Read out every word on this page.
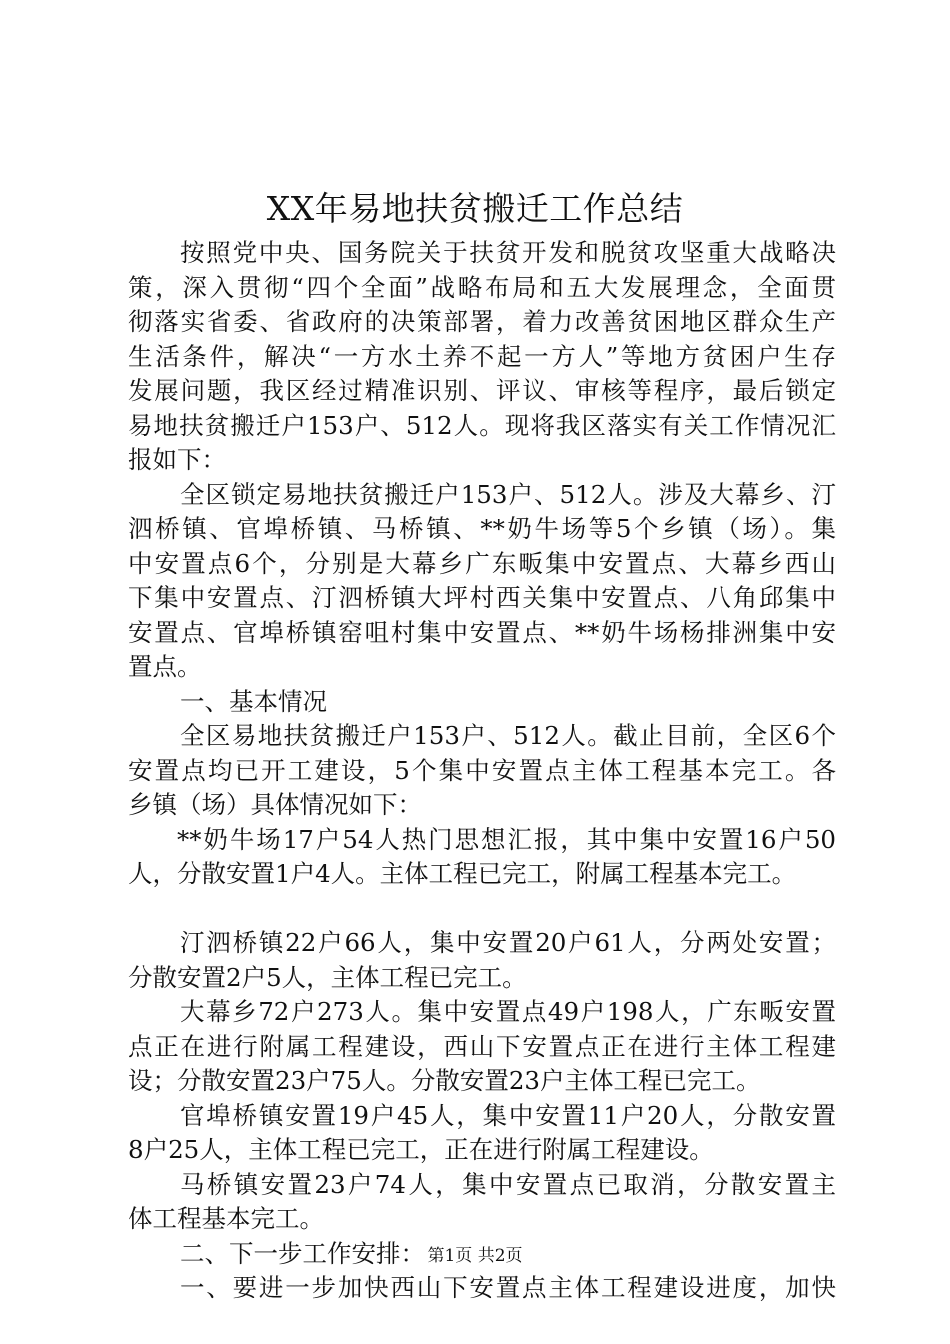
XX年易地扶贫搬迁工作总结
按照党中央、国务院关于扶贫开发和脱贫攻坚重大战略决
策，深入贯彻“四个全面”战略布局和五大发展理念，全面贯
彻落实省委、省政府的决策部署，着力改善贫困地区群众生产
生活条件，解决“一方水土养不起一方人”等地方贫困户生存
发展问题，我区经过精准识别、评议、审核等程序，最后锁定
易地扶贫搬迁户153户、512人。现将我区落实有关工作情况汇
报如下：
全区锁定易地扶贫搬迁户153户、512人。涉及大幕乡、汀
泗桥镇、官埠桥镇、马桥镇、**奶牛场等5个乡镇（场）。集
中安置点6个，分别是大幕乡广东畈集中安置点、大幕乡西山
下集中安置点、汀泗桥镇大坪村西关集中安置点、八角邱集中
安置点、官埠桥镇窑咀村集中安置点、**奶牛场杨排洲集中安
置点。
一、基本情况
全区易地扶贫搬迁户153户、512人。截止目前，全区6个
安置点均已开工建设，5个集中安置点主体工程基本完工。各
乡镇（场）具体情况如下：
**奶牛场17户54人热门思想汇报，其中集中安置16户50
人，分散安置1户4人。主体工程已完工，附属工程基本完工。
汀泗桥镇22户66人，集中安置20户61人，分两处安置；
分散安置2户5人，主体工程已完工。
大幕乡72户273人。集中安置点49户198人，广东畈安置
点正在进行附属工程建设，西山下安置点正在进行主体工程建
设；分散安置23户75人。分散安置23户主体工程已完工。
官埠桥镇安置19户45人，集中安置11户20人，分散安置
8户25人，主体工程已完工，正在进行附属工程建设。
马桥镇安置23户74人，集中安置点已取消，分散安置主
体工程基本完工。
二、下一步工作安排：
一、要进一步加快西山下安置点主体工程建设进度，加快
第1页 共2页
